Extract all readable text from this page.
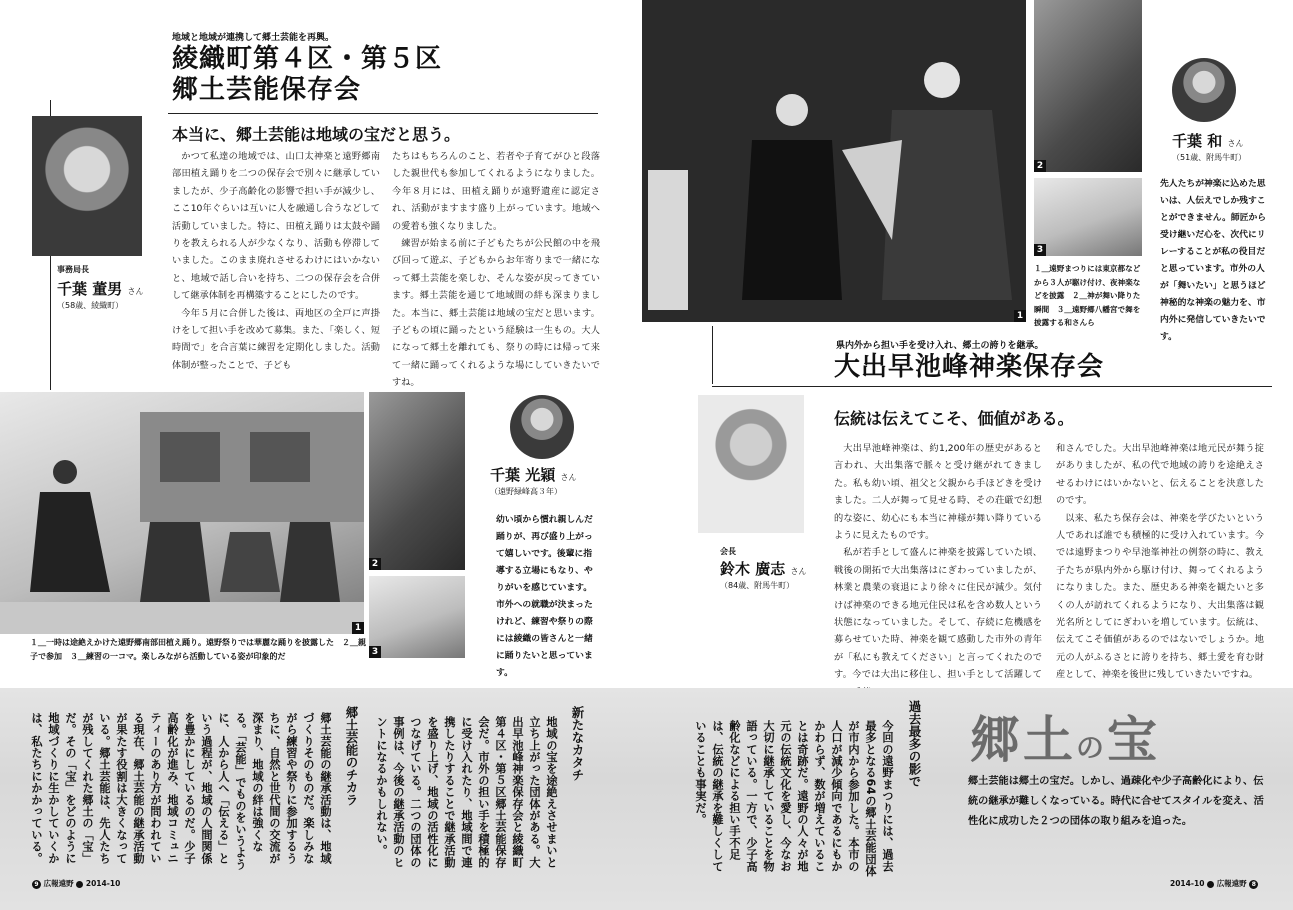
地域と地域が連携して郷土芸能を再興。
綾織町第４区・第５区
郷土芸能保存会
事務局長
千葉 董男 さん
（58歳、綾織町）
本当に、郷土芸能は地域の宝だと思う。

かつて私達の地域では、山口太神楽と遠野郷南部田植え踊りを二つの保存会で別々に継承していましたが、少子高齢化の影響で担い手が減少し、ここ10年ぐらいは互いに人を融通し合うなどして活動していました。特に、田植え踊りは太鼓や踊りを教えられる人が少なくなり、活動も停滞していました。このまま廃れさせるわけにはいかないと、地域で話し合いを持ち、二つの保存会を合併して継承体制を再構築することにしたのです。

今年５月に合併した後は、両地区の全戸に声掛けをして担い手を改めて募集。また、「楽しく、短時間で」を合言葉に練習を定期化しました。活動体制が整ったことで、子ども

たちはもちろんのこと、若者や子育てがひと段落した親世代も参加してくれるようになりました。今年８月には、田植え踊りが遠野遺産に認定され、活動がますます盛り上がっています。地域への愛着も強くなりました。

練習が始まる前に子どもたちが公民館の中を飛び回って遊ぶ、子どもからお年寄りまで一緒になって郷土芸能を楽しむ、そんな姿が戻ってきています。郷土芸能を通じて地域間の絆も深まりました。本当に、郷土芸能は地域の宝だと思います。子どもの頃に踊ったという経験は一生もの。大人になって郷土を離れても、祭りの時には帰って来て一緒に踊ってくれるような場にしていきたいですね。

1
2
3
１＿一時は途絶えかけた遠野郷南部田植え踊り。遠野祭りでは華麗な踊りを披露した　２＿親子で参加　３＿練習の一コマ。楽しみながら活動している姿が印象的だ
千葉 光穎 さん
（遠野緑峰高３年）
幼い頃から慣れ親しんだ踊りが、再び盛り上がって嬉しいです。後輩に指導する立場にもなり、やりがいを感じています。市外への就職が決まったけれど、練習や祭りの際には綾織の皆さんと一緒に踊りたいと思っています。
1
2
3
１＿遠野まつりには東京都などから３人が駆け付け、夜神楽などを披露　２＿神が舞い降りた瞬間　３＿遠野郷八幡宮で舞を披露する和さんら
千葉 和 さん
（51歳、附馬牛町）
先人たちが神楽に込めた思いは、人伝えでしか残すことができません。師匠から受け継いだ心を、次代にリレーすることが私の役目だと思っています。市外の人が「舞いたい」と思うほど神秘的な神楽の魅力を、市内外に発信していきたいです。
県内外から担い手を受け入れ、郷土の誇りを継承。
大出早池峰神楽保存会
会長
鈴木 廣志 さん
（84歳、附馬牛町）
伝統は伝えてこそ、価値がある。

大出早池峰神楽は、約1,200年の歴史があると言われ、大出集落で脈々と受け継がれてきました。私も幼い頃、祖父と父親から手ほどきを受けました。二人が舞って見せる時、その荘厳で幻想的な姿に、幼心にも本当に神様が舞い降りているように見えたものです。

私が若手として盛んに神楽を披露していた頃、戦後の開拓で大出集落はにぎわっていましたが、林業と農業の衰退により徐々に住民が減少。気付けば神楽のできる地元住民は私を含め数人という状態になっていました。そして、存続に危機感を募らせていた時、神楽を観て感動した市外の青年が「私にも教えてください」と言ってくれたのです。今では大出に移住し、担い手として活躍して

和さんでした。大出早池峰神楽は地元民が舞う掟がありましたが、私の代で地域の誇りを途絶えさせるわけにはいかないと、伝えることを決意したのです。

以来、私たち保存会は、神楽を学びたいという人であれば誰でも積極的に受け入れています。今では遠野まつりや早池峯神社の例祭の時に、教え子たちが県内外から駆け付け、舞ってくれるようになりました。また、歴史ある神楽を観たいと多くの人が訪れてくれるようになり、大出集落は観光名所としてにぎわいを増しています。伝統は、伝えてこそ価値があるのではないでしょうか。地元の人がふるさとに誇りを持ち、郷土愛を育む財産として、神楽を後世に残していきたいですね。

郷土の宝
郷土芸能は郷土の宝だ。しかし、過疎化や少子高齢化により、伝統の継承が難しくなっている。時代に合せてスタイルを変え、活性化に成功した２つの団体の取り組みを追った。
過去最多の影で
今回の遠野まつりには、過去最多となる64の郷土芸能団体が市内から参加した。本市の人口が減少傾向であるにもかかわらず、数が増えていることは奇跡だ。遠野の人々が地元の伝統文化を愛し、今なお大切に継承していることを物語っている。一方で、少子高齢化などによる担い手不足は、伝統の継承を難しくしていることも事実だ。
新たなカタチ
地域の宝を途絶えさせまいと立ち上がった団体がある。大出早池峰神楽保存会と綾織町第４区・第５区郷土芸能保存会だ。市外の担い手を積極的に受け入れたり、地域間で連携したりすることで継承活動を盛り上げ、地域の活性化につなげている。二つの団体の事例は、今後の継承活動のヒントになるかもしれない。
郷土芸能のチカラ
郷土芸能の継承活動は、地域づくりそのものだ。楽しみながら練習や祭りに参加するうちに、自然と世代間の交流が深まり、地域の絆は強くなる。「芸能」でものをいうように、人から人へ「伝える」という過程が、地域の人間関係を豊かにしているのだ。少子高齢化が進み、地域コミュニティーのあり方が問われている現在、郷土芸能の継承活動が果たす役割は大きくなっている。郷土芸能は、先人たちが残してくれた郷土の「宝」だ。その「宝」をどのように地域づくりに生かしていくかは、私たちにかかっている。
9 広報遠野 2014-10	2014-10 広報遠野 8
